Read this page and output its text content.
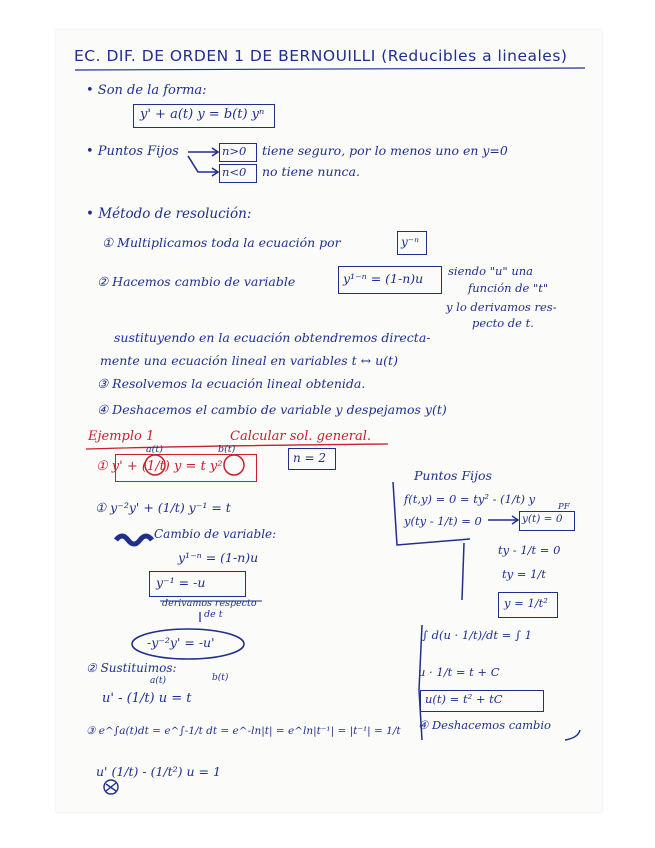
EC. DIF. DE ORDEN 1 DE BERNOUILLI (Reducibles a lineales)
• Son de la forma:
y' + a(t) y = b(t) yⁿ
• Puntos Fijos	n>0 tiene seguro, por lo menos uno en y=0
n<0 no tiene nunca.
• Método de resolución:
① Multiplicamos toda la ecuación por	y⁻ⁿ
② Hacemos cambio de variable	y¹⁻ⁿ = (1-n)u siendo "u" una
función de "t"
y lo derivamos res-
pecto de t.
sustituyendo en la ecuación obtendremos directa-
mente una ecuación lineal en variables t ↔ u(t)
③ Resolvemos la ecuación lineal obtenida.
④ Deshacemos el cambio de variable y despejamos y(t)
Ejemplo 1	Calcular sol. general.
a(t)	b(t)
① y' + (1/t) y = t y²
n = 2
① y⁻²y' + (1/t) y⁻¹ = t
Cambio de variable:
y¹⁻ⁿ = (1-n)u
y⁻¹ = -u
derivamos respecto
de t
-y⁻²y' = -u'
② Sustituimos:
a(t)	b(t)
u' - (1/t) u = t
③ e^∫a(t)dt = e^∫-1/t dt = e^-ln|t| = e^ln|t⁻¹| = |t⁻¹| = 1/t
u' (1/t) - (1/t²) u = 1
Puntos Fijos
f(t,y) = 0 = ty² - (1/t) y
PF
y(ty - 1/t) = 0	y(t) = 0
ty - 1/t = 0
ty = 1/t
y = 1/t²
∫ d(u · 1/t)/dt = ∫ 1
u · 1/t = t + C
u(t) = t² + tC
④ Deshacemos cambio
